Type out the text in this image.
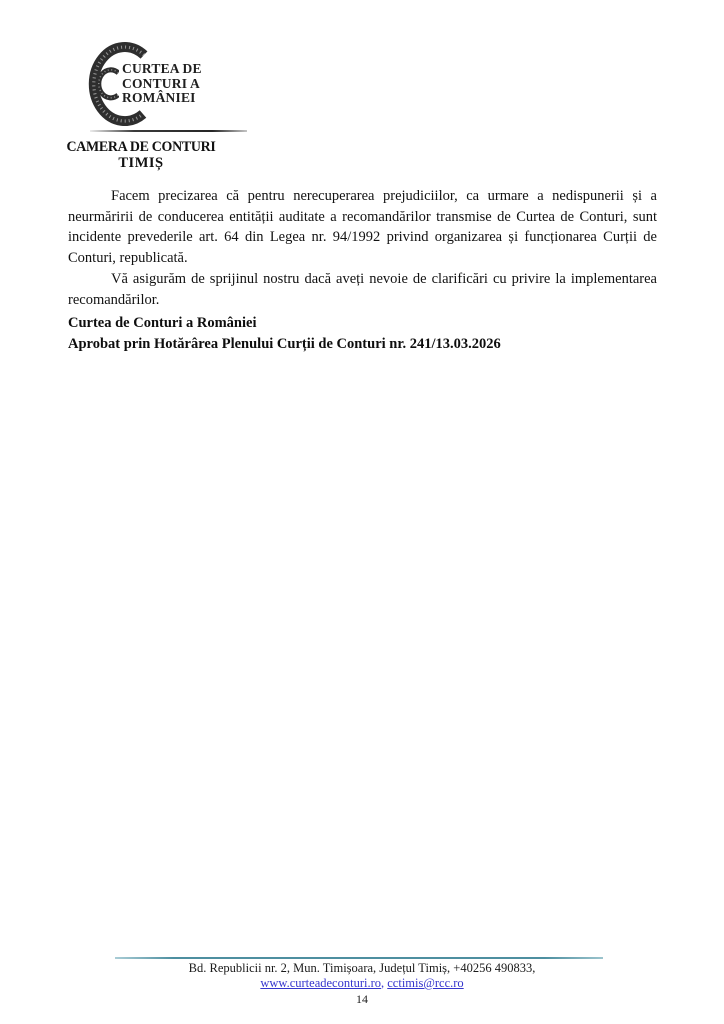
CURTEA DE
CONTURI A
ROMÂNIEI
CAMERA DE CONTURI
TIMIȘ

Facem precizarea că pentru nerecuperarea prejudiciilor, ca urmare a nedispunerii și a neurmăririi de conducerea entității auditate a recomandărilor transmise de Curtea de Conturi, sunt incidente prevederile art. 64 din Legea nr. 94/1992 privind organizarea și funcționarea Curții de Conturi, republicată.

Vă asigurăm de sprijinul nostru dacă aveți nevoie de clarificări cu privire la implementarea recomandărilor.

Curtea de Conturi a României
Aprobat prin Hotărârea Plenului Curții de Conturi nr. 241/13.03.2026
Bd. Republicii nr. 2, Mun. Timișoara, Județul Timiș, +40256 490833,
www.curteadeconturi.ro, cctimis@rcc.ro
14
